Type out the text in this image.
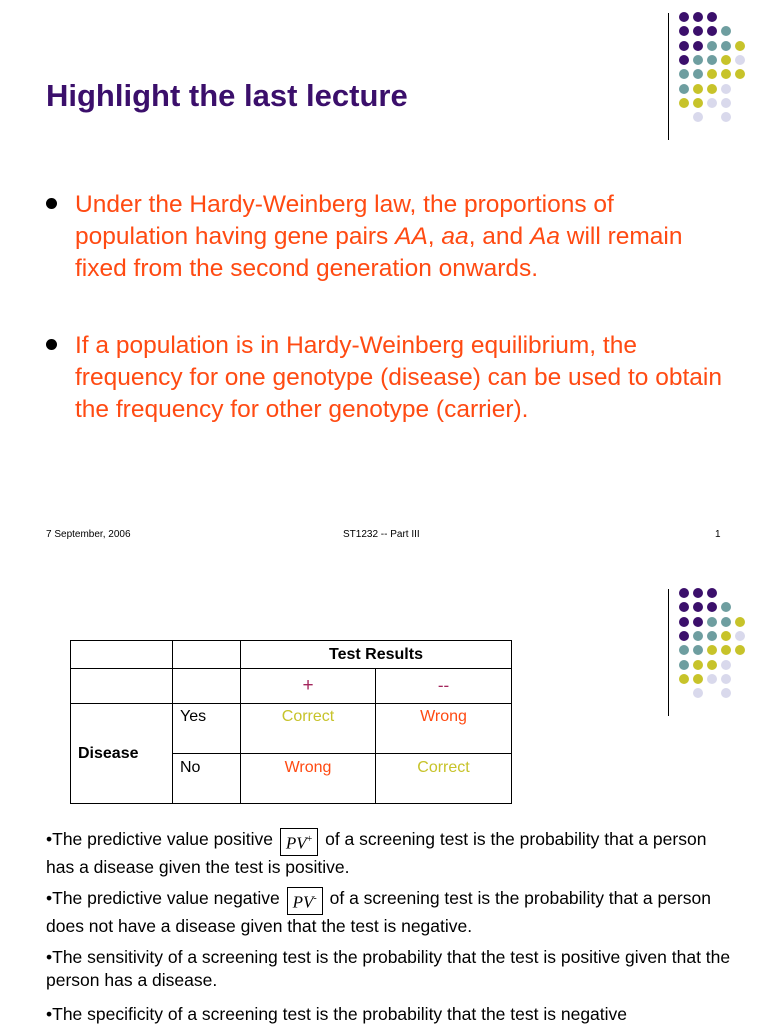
Highlight the last lecture
Under the Hardy-Weinberg law, the proportions of population having gene pairs AA, aa, and Aa will remain fixed from the second generation onwards.
If a population is in Hardy-Weinberg equilibrium, the frequency for one genotype (disease) can be used to obtain the frequency for other genotype (carrier).
7 September, 2006	ST1232 -- Part III	1
		Test Results	
		+	--
Disease	Yes	Correct	Wrong
	No	Wrong	Correct
•The predictive value positive PV+ of a screening test is the probability that a person has a disease given the test is positive.
•The predictive value negative PV- of a screening test is the probability that a person does not have a disease given that the test is negative.
•The sensitivity of a screening test is the probability that the test is positive given that the person has a disease.
•The specificity of a screening test is the probability that the test is negative
